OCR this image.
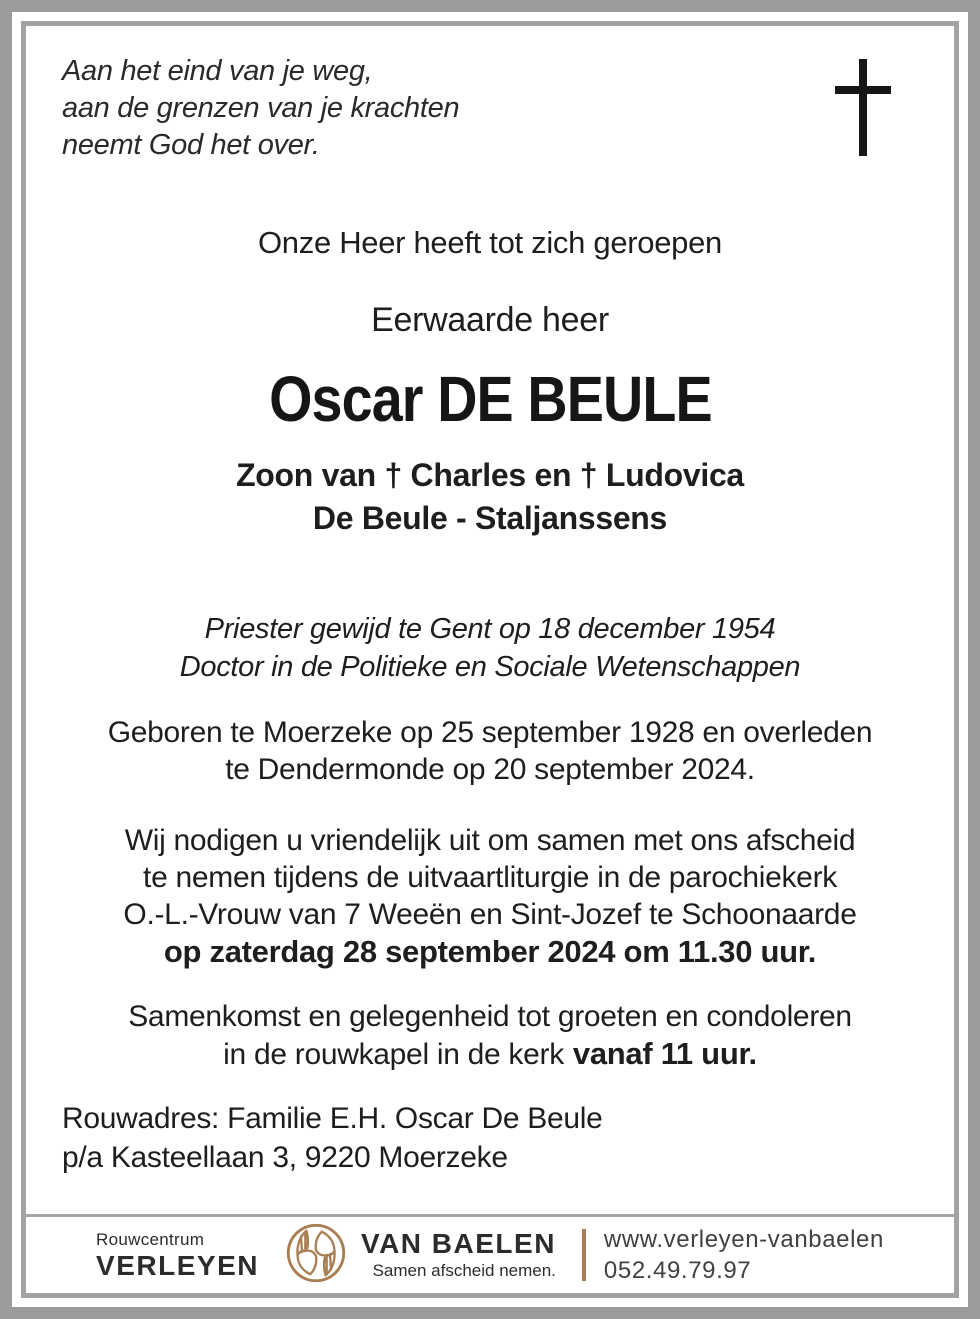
Aan het eind van je weg,
aan de grenzen van je krachten
neemt God het over.
Onze Heer heeft tot zich geroepen
Eerwaarde heer
Oscar DE BEULE
Zoon van † Charles en † Ludovica
De Beule - Staljanssens
Priester gewijd te Gent op 18 december 1954
Doctor in de Politieke en Sociale Wetenschappen
Geboren te Moerzeke op 25 september 1928 en overleden
te Dendermonde op 20 september 2024.
Wij nodigen u vriendelijk uit om samen met ons afscheid
te nemen tijdens de uitvaartliturgie in de parochiekerk
O.-L.-Vrouw van 7 Weeën en Sint-Jozef te Schoonaarde
op zaterdag 28 september 2024 om 11.30 uur.
Samenkomst en gelegenheid tot groeten en condoleren
in de rouwkapel in de kerk vanaf 11 uur.
Rouwadres: Familie E.H. Oscar De Beule
p/a Kasteellaan 3, 9220 Moerzeke
Rouwcentrum
VERLEYEN
VAN BAELEN
Samen afscheid nemen.
www.verleyen-vanbaelen
052.49.79.97
